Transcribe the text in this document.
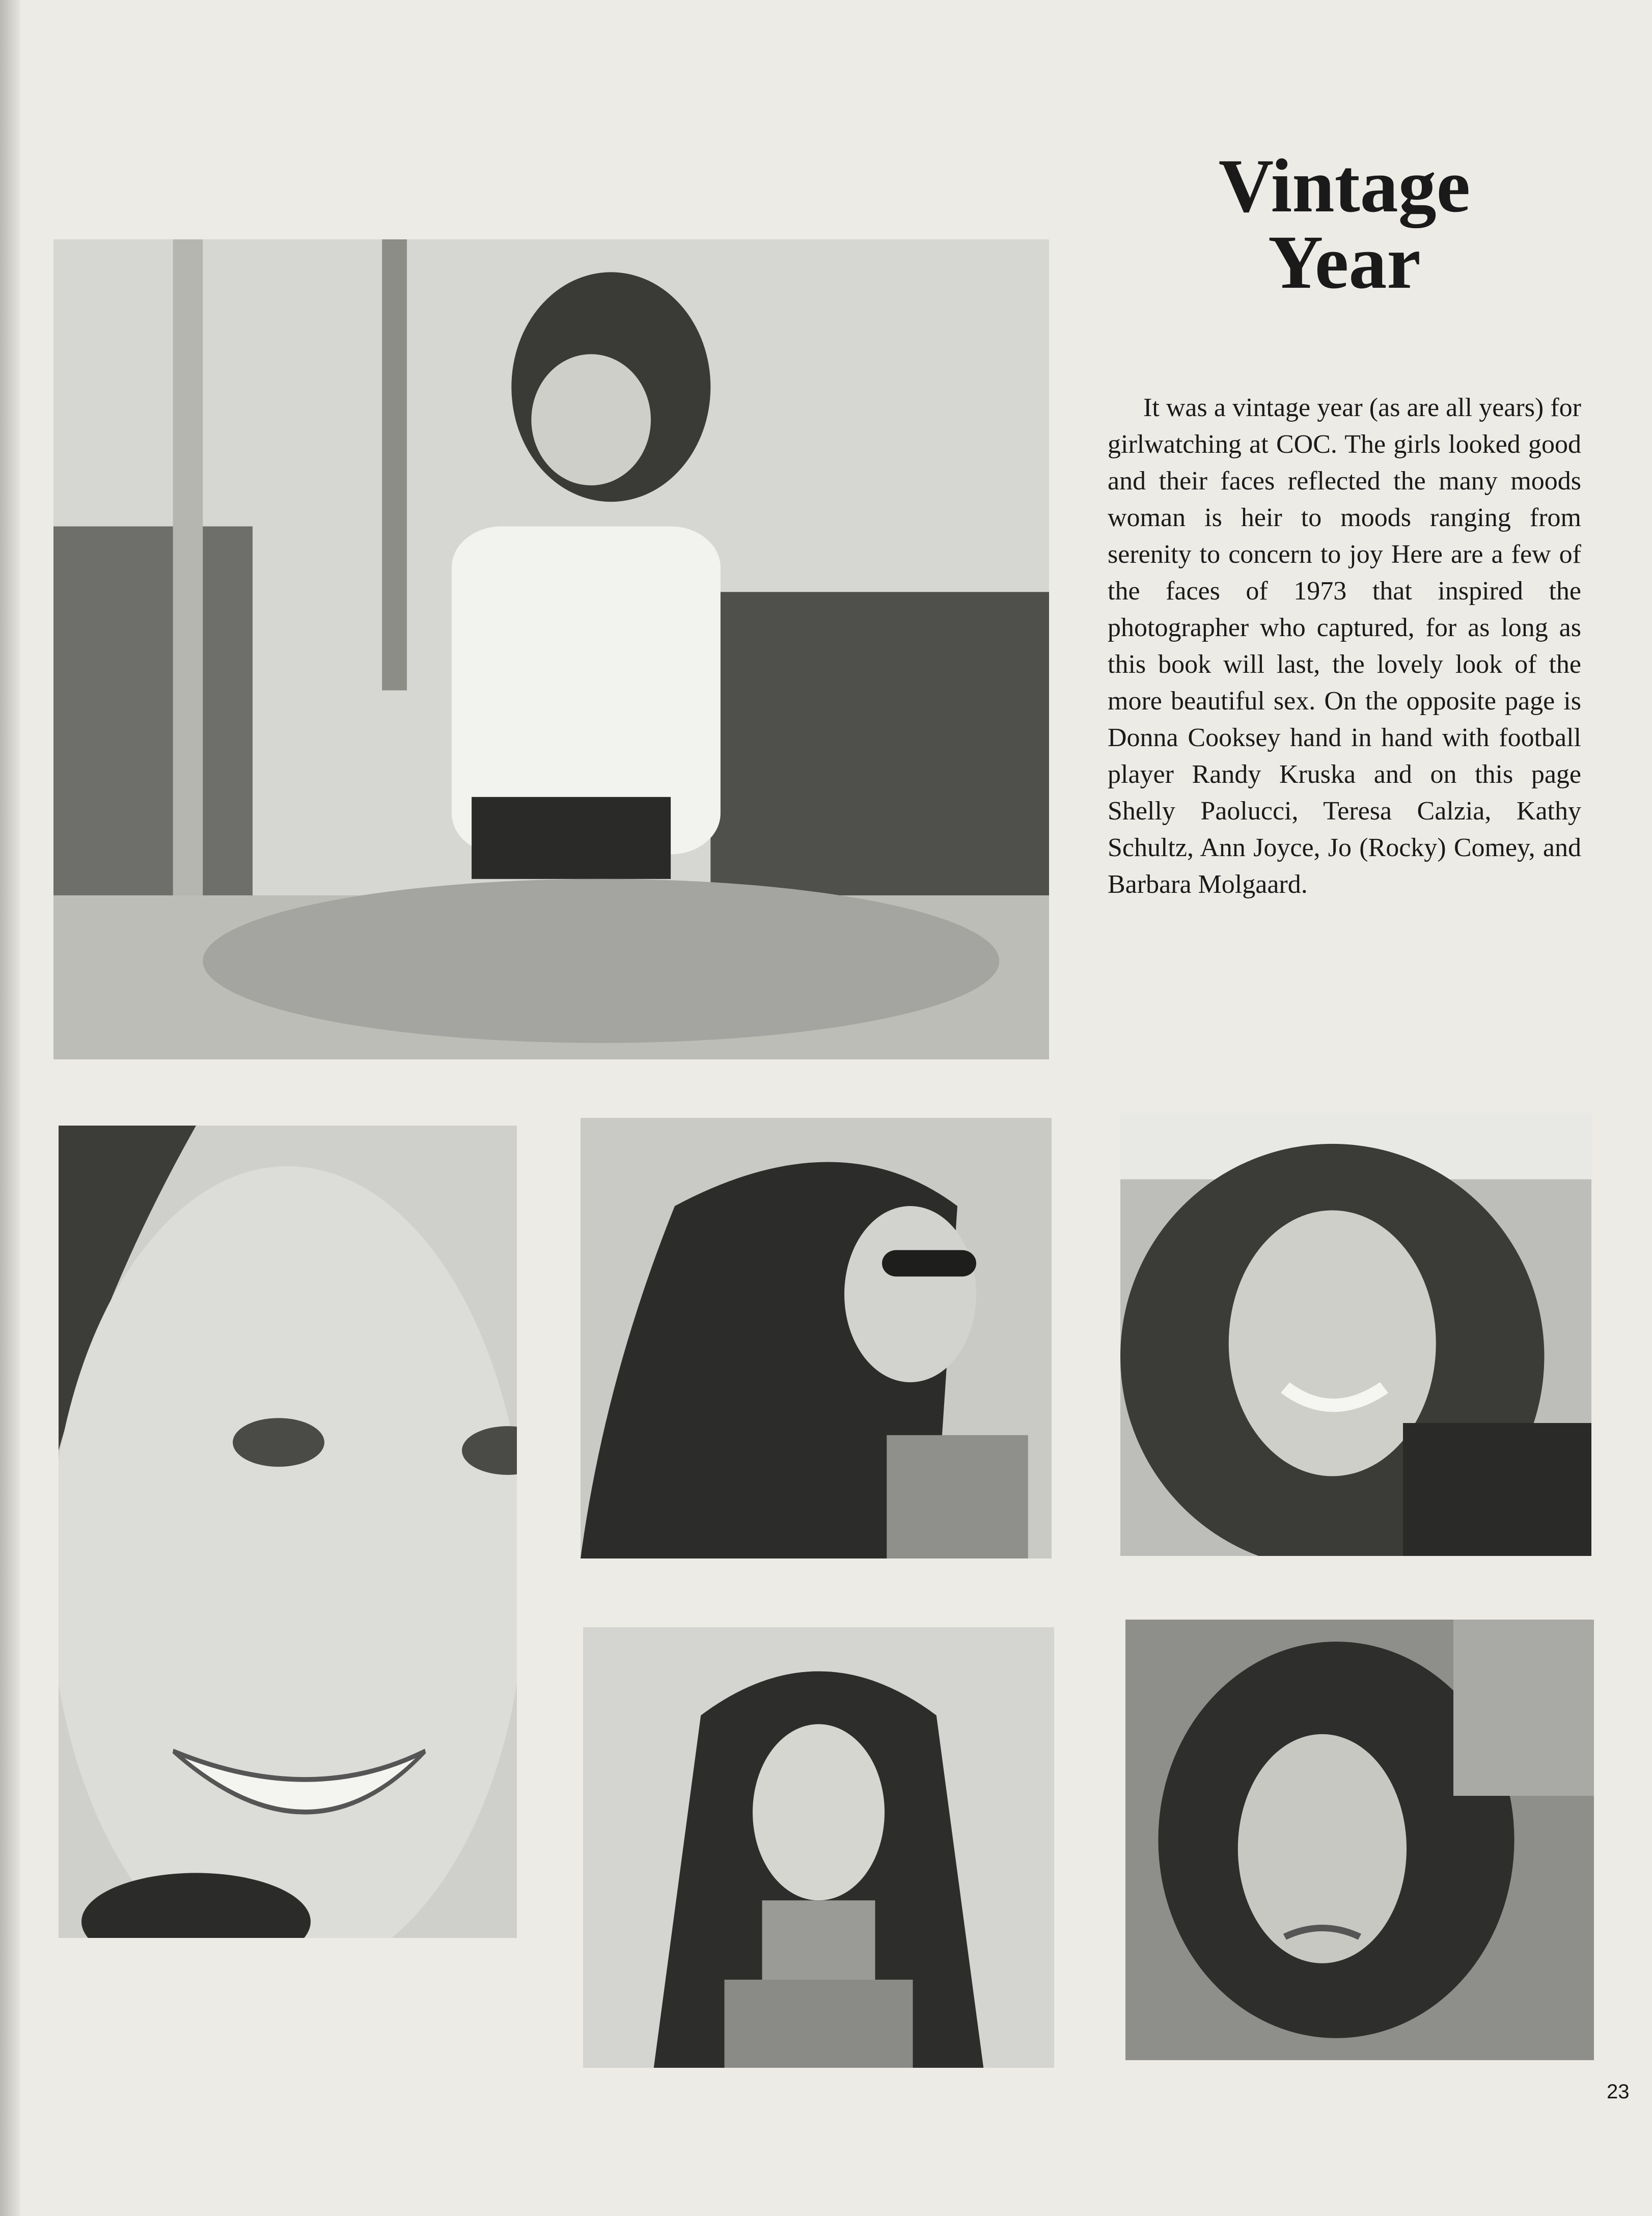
Vintage
Year
It was a vintage year (as are all years) for girlwatching at COC. The girls looked good and their faces reflected the many moods woman is heir to moods ranging from serenity to concern to joy Here are a few of the faces of 1973 that inspired the photographer who captured, for as long as this book will last, the lovely look of the more beautiful sex. On the opposite page is Donna Cooksey hand in hand with football player Randy Kruska and on this page Shelly Paolucci, Teresa Calzia, Kathy Schultz, Ann Joyce, Jo (Rocky) Comey, and Barbara Molgaard.
23
